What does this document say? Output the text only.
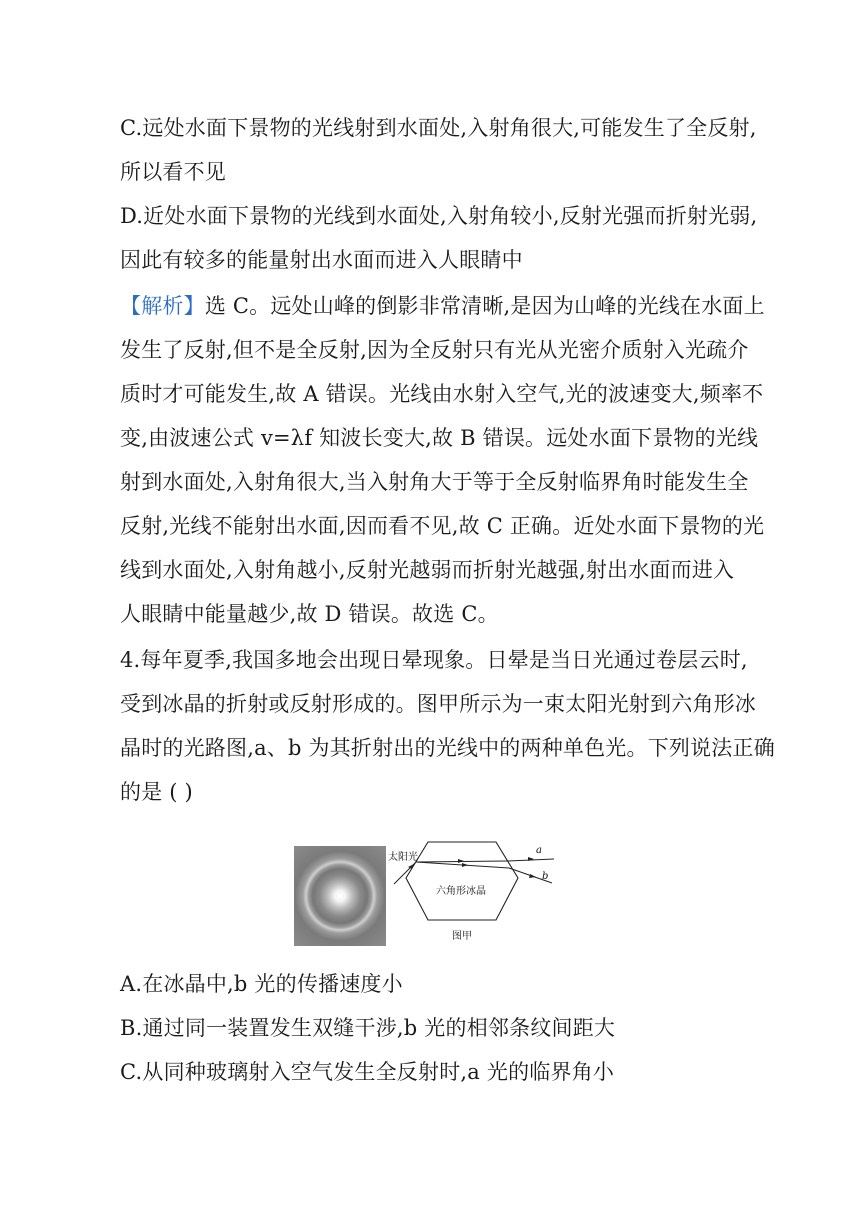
C.远处水面下景物的光线射到水面处,入射角很大,可能发生了全反射,
所以看不见
D.近处水面下景物的光线到水面处,入射角较小,反射光强而折射光弱,
因此有较多的能量射出水面而进入人眼睛中
【解析】选 C。远处山峰的倒影非常清晰,是因为山峰的光线在水面上
发生了反射,但不是全反射,因为全反射只有光从光密介质射入光疏介
质时才可能发生,故 A 错误。光线由水射入空气,光的波速变大,频率不
变,由波速公式 v=λf 知波长变大,故 B 错误。远处水面下景物的光线
射到水面处,入射角很大,当入射角大于等于全反射临界角时能发生全
反射,光线不能射出水面,因而看不见,故 C 正确。近处水面下景物的光
线到水面处,入射角越小,反射光越弱而折射光越强,射出水面而进入
人眼睛中能量越少,故 D 错误。故选 C。
4.每年夏季,我国多地会出现日晕现象。日晕是当日光通过卷层云时,
受到冰晶的折射或反射形成的。图甲所示为一束太阳光射到六角形冰
晶时的光路图,a、b 为其折射出的光线中的两种单色光。下列说法正确
的是 ( )
太阳光
a
b
六角形冰晶
图甲
A.在冰晶中,b 光的传播速度小
B.通过同一装置发生双缝干涉,b 光的相邻条纹间距大
C.从同种玻璃射入空气发生全反射时,a 光的临界角小
